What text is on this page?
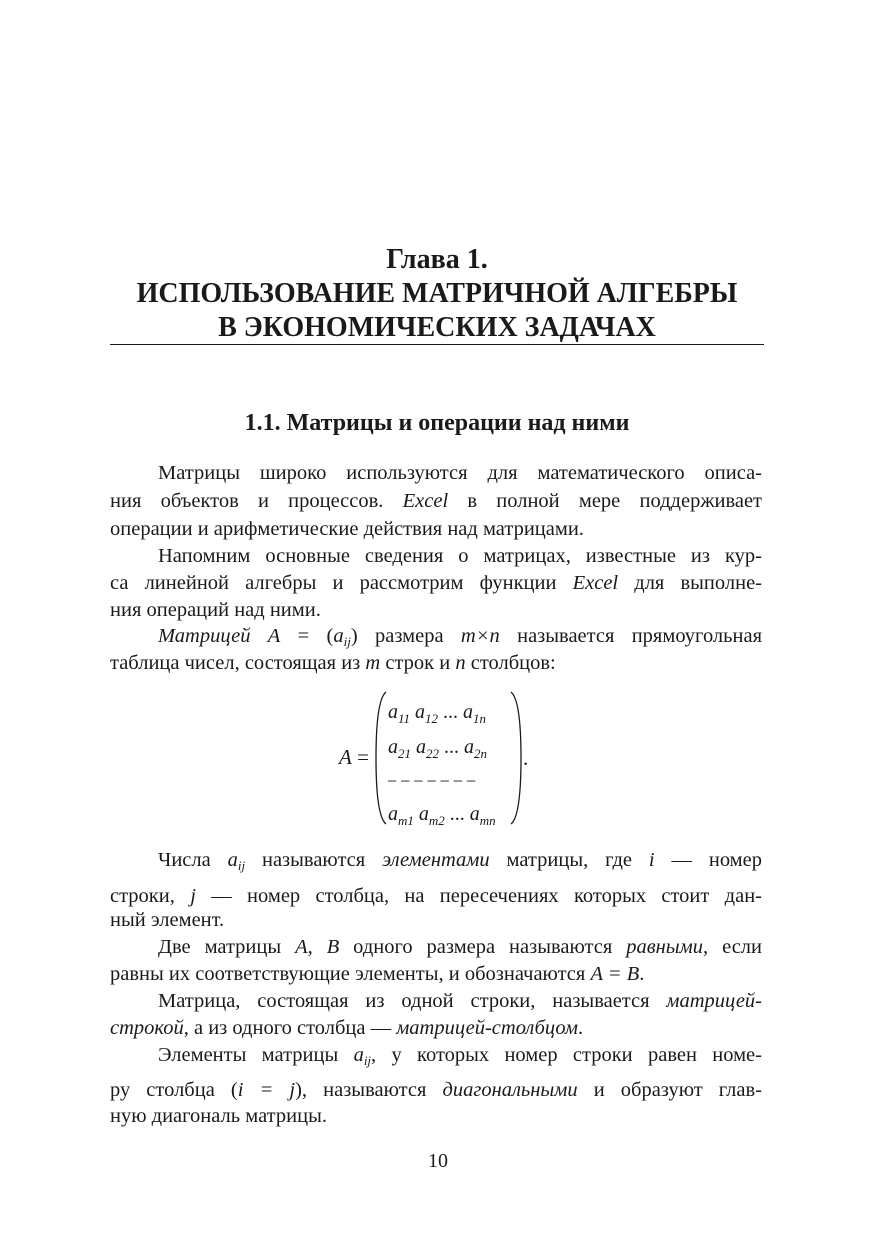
Глава 1.
ИСПОЛЬЗОВАНИЕ МАТРИЧНОЙ АЛГЕБРЫ
В ЭКОНОМИЧЕСКИХ ЗАДАЧАХ
1.1. Матрицы и операции над ними
Матрицы широко используются для математического описа-
ния объектов и процессов. Excel в полной мере поддерживает
операции и арифметические действия над матрицами.
Напомним основные сведения о матрицах, известные из кур-
са линейной алгебры и рассмотрим функции Excel для выполне-
ния операций над ними.
Матрицей $A = (a_{ij})$ размера m×n называется прямоугольная
таблица чисел, состоящая из m строк и n столбцов:
A =
$a_{11}$ $a_{12}$ ... $a_{1n}$
$a_{21}$ $a_{22}$ ... $a_{2n}$
−−−−−−−
$a_{m1}$ $a_{m2}$ ... $a_{mn}$
.
Числа $a_{ij}$ называются элементами матрицы, где i — номер
строки, j — номер столбца, на пересечениях которых стоит дан-
ный элемент.
Две матрицы A, B одного размера называются равными, если
равны их соответствующие элементы, и обозначаются A = B.
Матрица, состоящая из одной строки, называется матрицей-
строкой, а из одного столбца — матрицей-столбцом.
Элементы матрицы $a_{ij}$, у которых номер строки равен номе-
ру столбца (i = j), называются диагональными и образуют глав-
ную диагональ матрицы.
10
